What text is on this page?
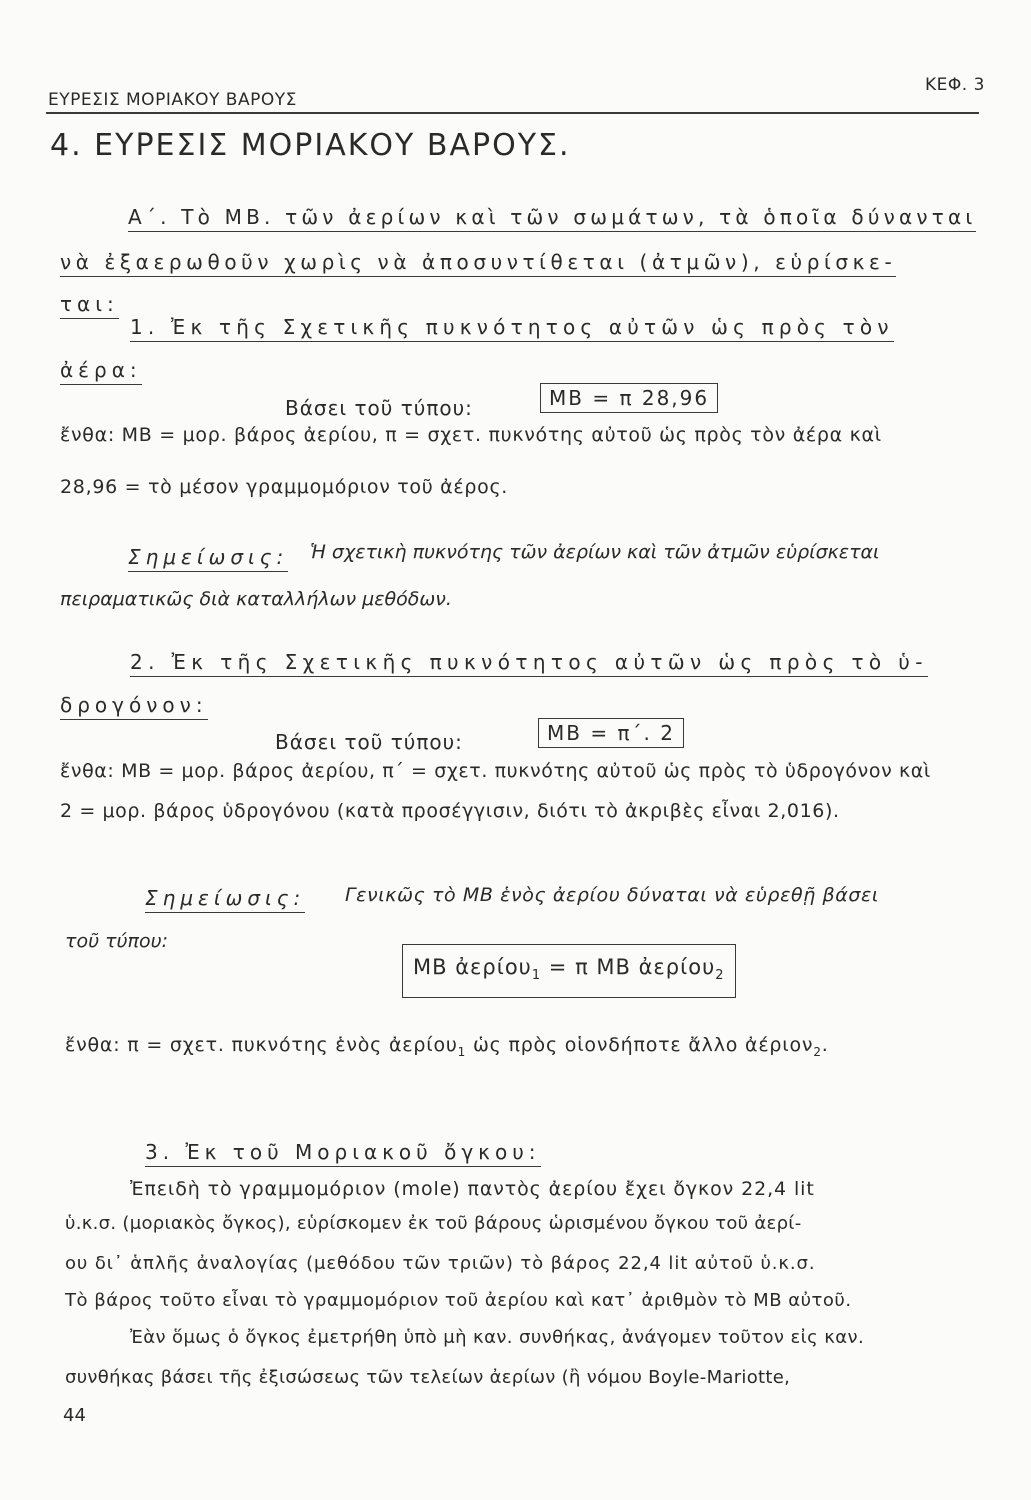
ΕΥΡΕΣΙΣ ΜΟΡΙΑΚΟΥ ΒΑΡΟΥΣ
ΚΕΦ. 3
4. ΕΥΡΕΣΙΣ ΜΟΡΙΑΚΟΥ ΒΑΡΟΥΣ.
Α΄. Τὸ ΜΒ. τῶν ἀερίων καὶ τῶν σωμάτων, τὰ ὁποῖα δύνανται
νὰ ἐξαερωθοῦν χωρὶς νὰ ἀποσυντίθεται (ἀτμῶν), εὑρίσκε-
ται:
1. Ἐκ τῆς Σχετικῆς πυκνότητος αὐτῶν ὡς πρὸς τὸν
ἀέρα:
Βάσει τοῦ τύπου:	ΜΒ = π 28,96
ἔνθα: ΜΒ = μορ. βάρος ἀερίου, π = σχετ. πυκνότης αὐτοῦ ὡς πρὸς τὸν ἀέρα καὶ
28,96 = τὸ μέσον γραμμομόριον τοῦ ἀέρος.
Σημείωσις: Ἡ σχετικὴ πυκνότης τῶν ἀερίων καὶ τῶν ἀτμῶν εὑρίσκεται
πειραματικῶς διὰ καταλλήλων μεθόδων.
2. Ἐκ τῆς Σχετικῆς πυκνότητος αὐτῶν ὡς πρὸς τὸ ὑ-
δρογόνον:
Βάσει τοῦ τύπου:	ΜΒ = π΄. 2
ἔνθα: ΜΒ = μορ. βάρος ἀερίου, π΄ = σχετ. πυκνότης αὐτοῦ ὡς πρὸς τὸ ὑδρογόνον καὶ
2 = μορ. βάρος ὑδρογόνου (κατὰ προσέγγισιν, διότι τὸ ἀκριβὲς εἶναι 2,016).
Σημείωσις: Γενικῶς τὸ ΜΒ ἑνὸς ἀερίου δύναται νὰ εὑρεθῇ βάσει
τοῦ τύπου:
ΜΒ ἀερίου$_1$ = π ΜΒ ἀερίου$_2$
ἔνθα: π = σχετ. πυκνότης ἑνὸς ἀερίου$_1$ ὡς πρὸς οἱονδήποτε ἄλλο ἀέριον$_2$.
3. Ἐκ τοῦ Μοριακοῦ ὄγκου:
Ἐπειδὴ τὸ γραμμομόριον (mole) παντὸς ἀερίου ἔχει ὄγκον 22,4 lit
ὑ.κ.σ. (μοριακὸς ὄγκος), εὑρίσκομεν ἐκ τοῦ βάρους ὡρισμένου ὄγκου τοῦ ἀερί-
ου δι᾽ ἁπλῆς ἀναλογίας (μεθόδου τῶν τριῶν) τὸ βάρος 22,4 lit αὐτοῦ ὑ.κ.σ.
Τὸ βάρος τοῦτο εἶναι τὸ γραμμομόριον τοῦ ἀερίου καὶ κατ᾽ ἀριθμὸν τὸ ΜΒ αὐτοῦ.
Ἐὰν ὅμως ὁ ὄγκος ἐμετρήθη ὑπὸ μὴ καν. συνθήκας, ἀνάγομεν τοῦτον εἰς καν.
συνθήκας βάσει τῆς ἐξισώσεως τῶν τελείων ἀερίων (ἢ νόμου Boyle-Mariotte,
44
